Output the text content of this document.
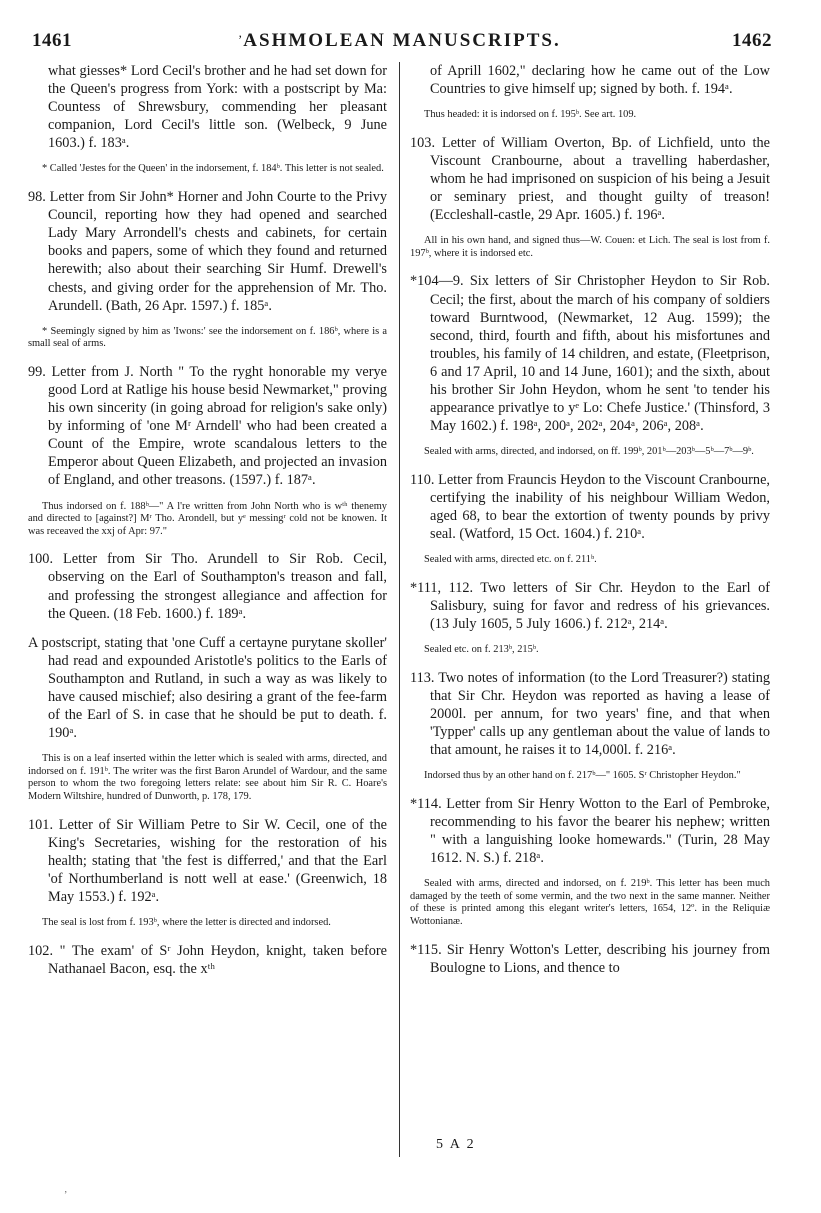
1461	ʼ ASHMOLEAN MANUSCRIPTS.	1462

what giesses* Lord Cecil's brother and he had set down for the Queen's progress from York: with a postscript by Ma: Countess of Shrewsbury, commending her pleasant companion, Lord Cecil's little son. (Welbeck, 9 June 1603.) f. 183ᵃ.

* Called 'Jestes for the Queen' in the indorsement, f. 184ᵇ. This letter is not sealed.

98. Letter from Sir John* Horner and John Courte to the Privy Council, reporting how they had opened and searched Lady Mary Arrondell's chests and cabinets, for certain books and papers, some of which they found and returned herewith; also about their searching Sir Humf. Drewell's chests, and giving order for the apprehension of Mr. Tho. Arundell. (Bath, 26 Apr. 1597.) f. 185ᵃ.

* Seemingly signed by him as 'Iwons:' see the indorsement on f. 186ᵇ, where is a small seal of arms.

99. Letter from J. North " To the ryght honorable my verye good Lord at Ratlige his house besid Newmarket," proving his own sincerity (in going abroad for religion's sake only) by informing of 'one Mʳ Arndell' who had been created a Count of the Empire, wrote scandalous letters to the Emperor about Queen Elizabeth, and projected an invasion of England, and other treasons. (1597.) f. 187ᵃ.

Thus indorsed on f. 188ᵇ—" A l're written from John North who is wᵗʰ thenemy and directed to [against?] Mʳ Tho. Arondell, but yᵉ messingʳ cold not be knowen. It was receaved the xxj of Apr: 97."

100. Letter from Sir Tho. Arundell to Sir Rob. Cecil, observing on the Earl of Southampton's treason and fall, and professing the strongest allegiance and affection for the Queen. (18 Feb. 1600.) f. 189ᵃ.

A postscript, stating that 'one Cuff a certayne purytane skoller' had read and expounded Aristotle's politics to the Earls of Southampton and Rutland, in such a way as was likely to have caused mischief; also desiring a grant of the fee-farm of the Earl of S. in case that he should be put to death. f. 190ᵃ.

This is on a leaf inserted within the letter which is sealed with arms, directed, and indorsed on f. 191ᵇ. The writer was the first Baron Arundel of Wardour, and the same person to whom the two foregoing letters relate: see about him Sir R. C. Hoare's Modern Wiltshire, hundred of Dunworth, p. 178, 179.

101. Letter of Sir William Petre to Sir W. Cecil, one of the King's Secretaries, wishing for the restoration of his health; stating that 'the fest is differred,' and that the Earl 'of Northumberland is nott well at ease.' (Greenwich, 18 May 1553.) f. 192ᵃ.

The seal is lost from f. 193ᵇ, where the letter is directed and indorsed.

102. " The exam' of Sʳ John Heydon, knight, taken before Nathanael Bacon, esq. the xᵗʰ

of Aprill 1602," declaring how he came out of the Low Countries to give himself up; signed by both. f. 194ᵃ.

Thus headed: it is indorsed on f. 195ᵇ. See art. 109.

103. Letter of William Overton, Bp. of Lichfield, unto the Viscount Cranbourne, about a travelling haberdasher, whom he had imprisoned on suspicion of his being a Jesuit or seminary priest, and thought guilty of treason! (Eccleshall-castle, 29 Apr. 1605.) f. 196ᵃ.

All in his own hand, and signed thus—W. Couen: et Lich. The seal is lost from f. 197ᵇ, where it is indorsed etc.

*104—9. Six letters of Sir Christopher Heydon to Sir Rob. Cecil; the first, about the march of his company of soldiers toward Burntwood, (Newmarket, 12 Aug. 1599); the second, third, fourth and fifth, about his misfortunes and troubles, his family of 14 children, and estate, (Fleetprison, 6 and 17 April, 10 and 14 June, 1601); and the sixth, about his brother Sir John Heydon, whom he sent 'to tender his appearance privatlye to yᵉ Lo: Chefe Justice.' (Thinsford, 3 May 1602.) f. 198ᵃ, 200ᵃ, 202ᵃ, 204ᵃ, 206ᵃ, 208ᵃ.

Sealed with arms, directed, and indorsed, on ff. 199ᵇ, 201ᵇ—203ᵇ—5ᵇ—7ᵇ—9ᵇ.

110. Letter from Frauncis Heydon to the Viscount Cranbourne, certifying the inability of his neighbour William Wedon, aged 68, to bear the extortion of twenty pounds by privy seal. (Watford, 15 Oct. 1604.) f. 210ᵃ.

Sealed with arms, directed etc. on f. 211ᵇ.

*111, 112. Two letters of Sir Chr. Heydon to the Earl of Salisbury, suing for favor and redress of his grievances. (13 July 1605, 5 July 1606.) f. 212ᵃ, 214ᵃ.

Sealed etc. on f. 213ᵇ, 215ᵇ.

113. Two notes of information (to the Lord Treasurer?) stating that Sir Chr. Heydon was reported as having a lease of 2000l. per annum, for two years' fine, and that when 'Typper' calls up any gentleman about the value of lands to that amount, he raises it to 14,000l. f. 216ᵃ.

Indorsed thus by an other hand on f. 217ᵇ—" 1605. Sʳ Christopher Heydon."

*114. Letter from Sir Henry Wotton to the Earl of Pembroke, recommending to his favor the bearer his nephew; written " with a languishing looke homewards." (Turin, 28 May 1612. N. S.) f. 218ᵃ.

Sealed with arms, directed and indorsed, on f. 219ᵇ. This letter has been much damaged by the teeth of some vermin, and the two next in the same manner. Neither of these is printed among this elegant writer's letters, 1654, 12º. in the Reliquiæ Wottonianæ.

*115. Sir Henry Wotton's Letter, describing his journey from Boulogne to Lions, and thence to

5 A 2
ʼ
